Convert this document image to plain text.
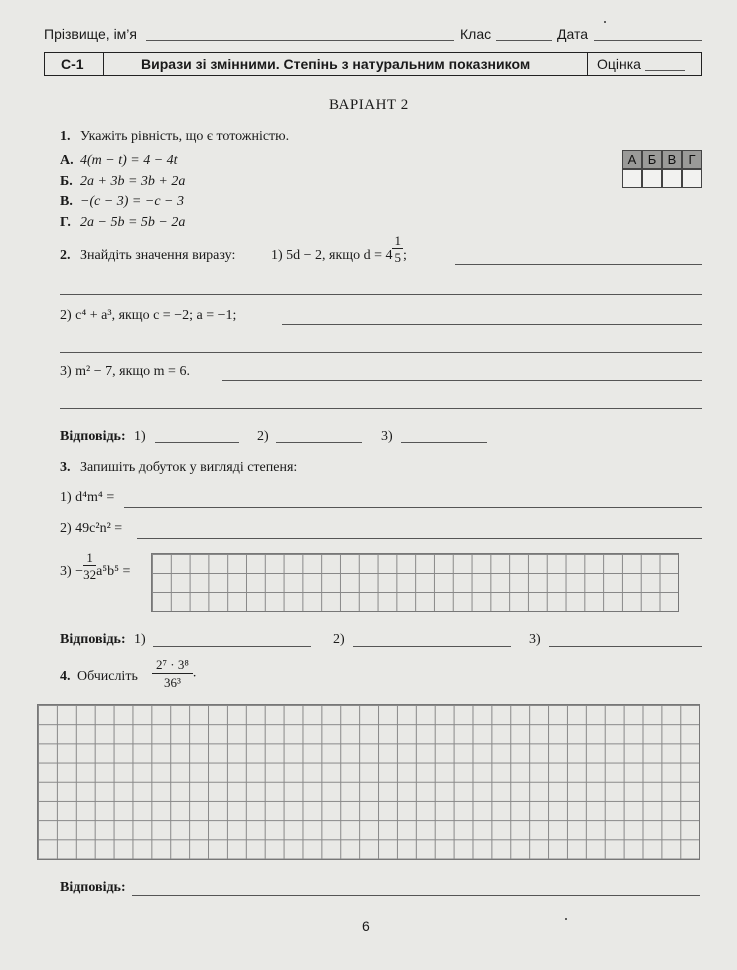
Прізвище, ім’я	Клас	Дата
С-1	Вирази зі змінними. Степінь з натуральним показником	Оцінка
ВАРІАНТ 2
1. Укажіть рівність, що є тотожністю.
А. 4(m − t) = 4 − 4t
Б. 2a + 3b = 3b + 2a
В. −(c − 3) = −c − 3
Г. 2a − 5b = 5b − 2a
А Б В Г
2. Знайдіть значення виразу:	1) 5d − 2, якщо $d = 4 \frac{1}{5}$ ;
2) c⁴ + a³, якщо c = −2; a = −1;
3) m² − 7, якщо m = 6.
Відповідь: 1)	2)	3)
3. Запишіть добуток у вигляді степеня:
1) d⁴m⁴ =
2) 49c²n² =
$3) - \frac{1}{32} a^5b^5$ =
Відповідь: 1)	2)	3)
4. Обчисліть $\frac{\text{2⁷ · 3⁸}}{\text{36³}}$ .
Відповідь:
6
